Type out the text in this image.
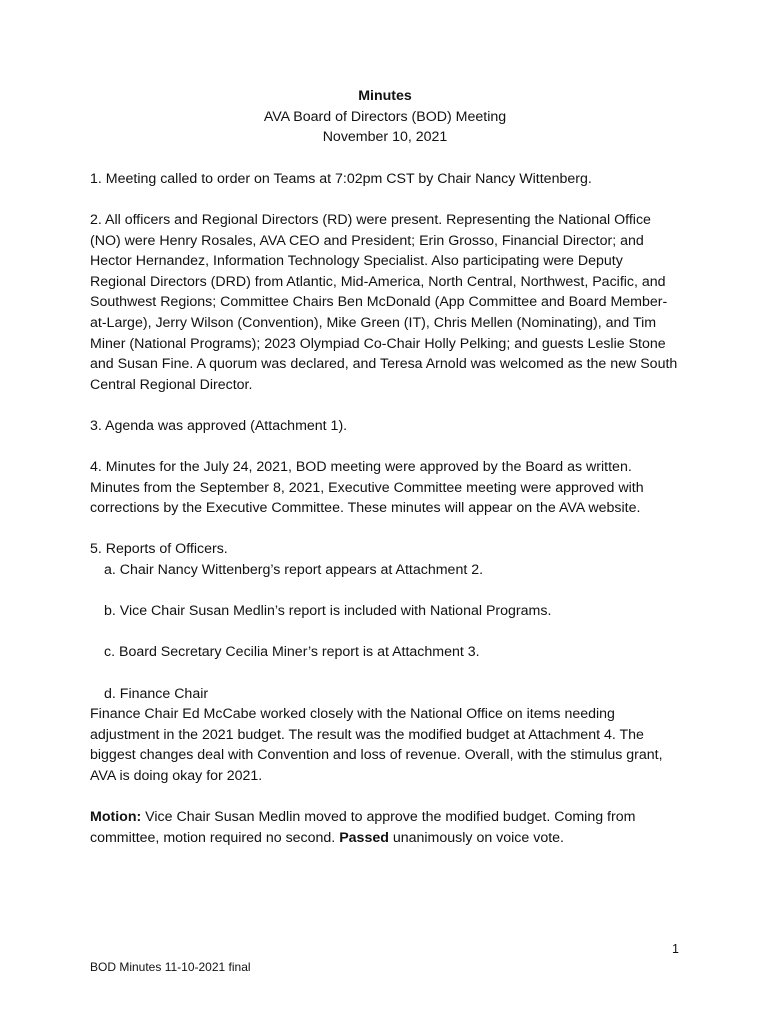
Minutes
AVA Board of Directors (BOD) Meeting
November 10, 2021

1. Meeting called to order on Teams at 7:02pm CST by Chair Nancy Wittenberg.

2. All officers and Regional Directors (RD) were present. Representing the National Office (NO) were Henry Rosales, AVA CEO and President; Erin Grosso, Financial Director; and Hector Hernandez, Information Technology Specialist. Also participating were Deputy Regional Directors (DRD) from Atlantic, Mid-America, North Central, Northwest, Pacific, and Southwest Regions; Committee Chairs Ben McDonald (App Committee and Board Member-at-Large), Jerry Wilson (Convention), Mike Green (IT), Chris Mellen (Nominating), and Tim Miner (National Programs); 2023 Olympiad Co-Chair Holly Pelking; and guests Leslie Stone and Susan Fine. A quorum was declared, and Teresa Arnold was welcomed as the new South Central Regional Director.

3. Agenda was approved (Attachment 1).

4. Minutes for the July 24, 2021, BOD meeting were approved by the Board as written. Minutes from the September 8, 2021, Executive Committee meeting were approved with corrections by the Executive Committee. These minutes will appear on the AVA website.

5. Reports of Officers.

a. Chair Nancy Wittenberg’s report appears at Attachment 2.

b. Vice Chair Susan Medlin’s report is included with National Programs.

c. Board Secretary Cecilia Miner’s report is at Attachment 3.

d. Finance Chair

Finance Chair Ed McCabe worked closely with the National Office on items needing adjustment in the 2021 budget. The result was the modified budget at Attachment 4. The biggest changes deal with Convention and loss of revenue. Overall, with the stimulus grant, AVA is doing okay for 2021.

Motion: Vice Chair Susan Medlin moved to approve the modified budget. Coming from committee, motion required no second. Passed unanimously on voice vote.

1
BOD Minutes 11-10-2021 final
